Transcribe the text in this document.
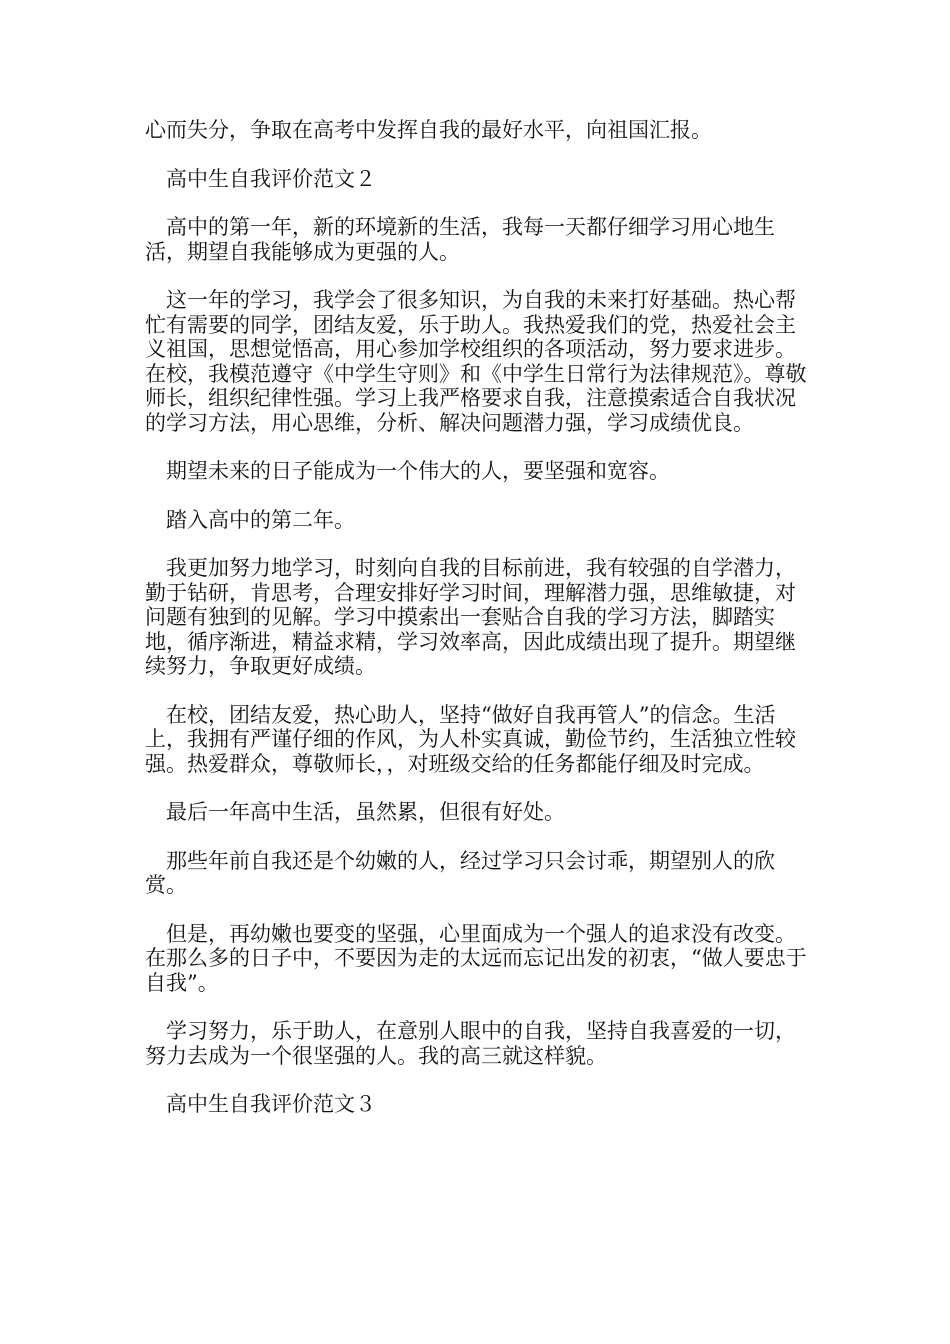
心而失分，争取在高考中发挥自我的最好水平，向祖国汇报。

高中生自我评价范文２

高中的第一年，新的环境新的生活，我每一天都仔细学习用心地生活，期望自我能够成为更强的人。

这一年的学习，我学会了很多知识，为自我的未来打好基础。热心帮忙有需要的同学，团结友爱，乐于助人。我热爱我们的党，热爱社会主义祖国，思想觉悟高，用心参加学校组织的各项活动，努力要求进步。在校，我模范遵守《中学生守则》和《中学生日常行为法律规范》。尊敬师长，组织纪律性强。学习上我严格要求自我，注意摸索适合自我状况的学习方法，用心思维，分析、解决问题潜力强，学习成绩优良。

期望未来的日子能成为一个伟大的人，要坚强和宽容。

踏入高中的第二年。

我更加努力地学习，时刻向自我的目标前进，我有较强的自学潜力，勤于钻研，肯思考，合理安排好学习时间，理解潜力强，思维敏捷，对问题有独到的见解。学习中摸索出一套贴合自我的学习方法，脚踏实地，循序渐进，精益求精，学习效率高，因此成绩出现了提升。期望继续努力，争取更好成绩。

在校，团结友爱，热心助人，坚持“做好自我再管人”的信念。生活上，我拥有严谨仔细的作风，为人朴实真诚，勤俭节约，生活独立性较强。热爱群众，尊敬师长，，对班级交给的任务都能仔细及时完成。

最后一年高中生活，虽然累，但很有好处。

那些年前自我还是个幼嫩的人，经过学习只会讨乖，期望别人的欣赏。

但是，再幼嫩也要变的坚强，心里面成为一个强人的追求没有改变。在那么多的日子中，不要因为走的太远而忘记出发的初衷，“做人要忠于自我”。

学习努力，乐于助人，在意别人眼中的自我，坚持自我喜爱的一切，努力去成为一个很坚强的人。我的高三就这样貌。

高中生自我评价范文３
